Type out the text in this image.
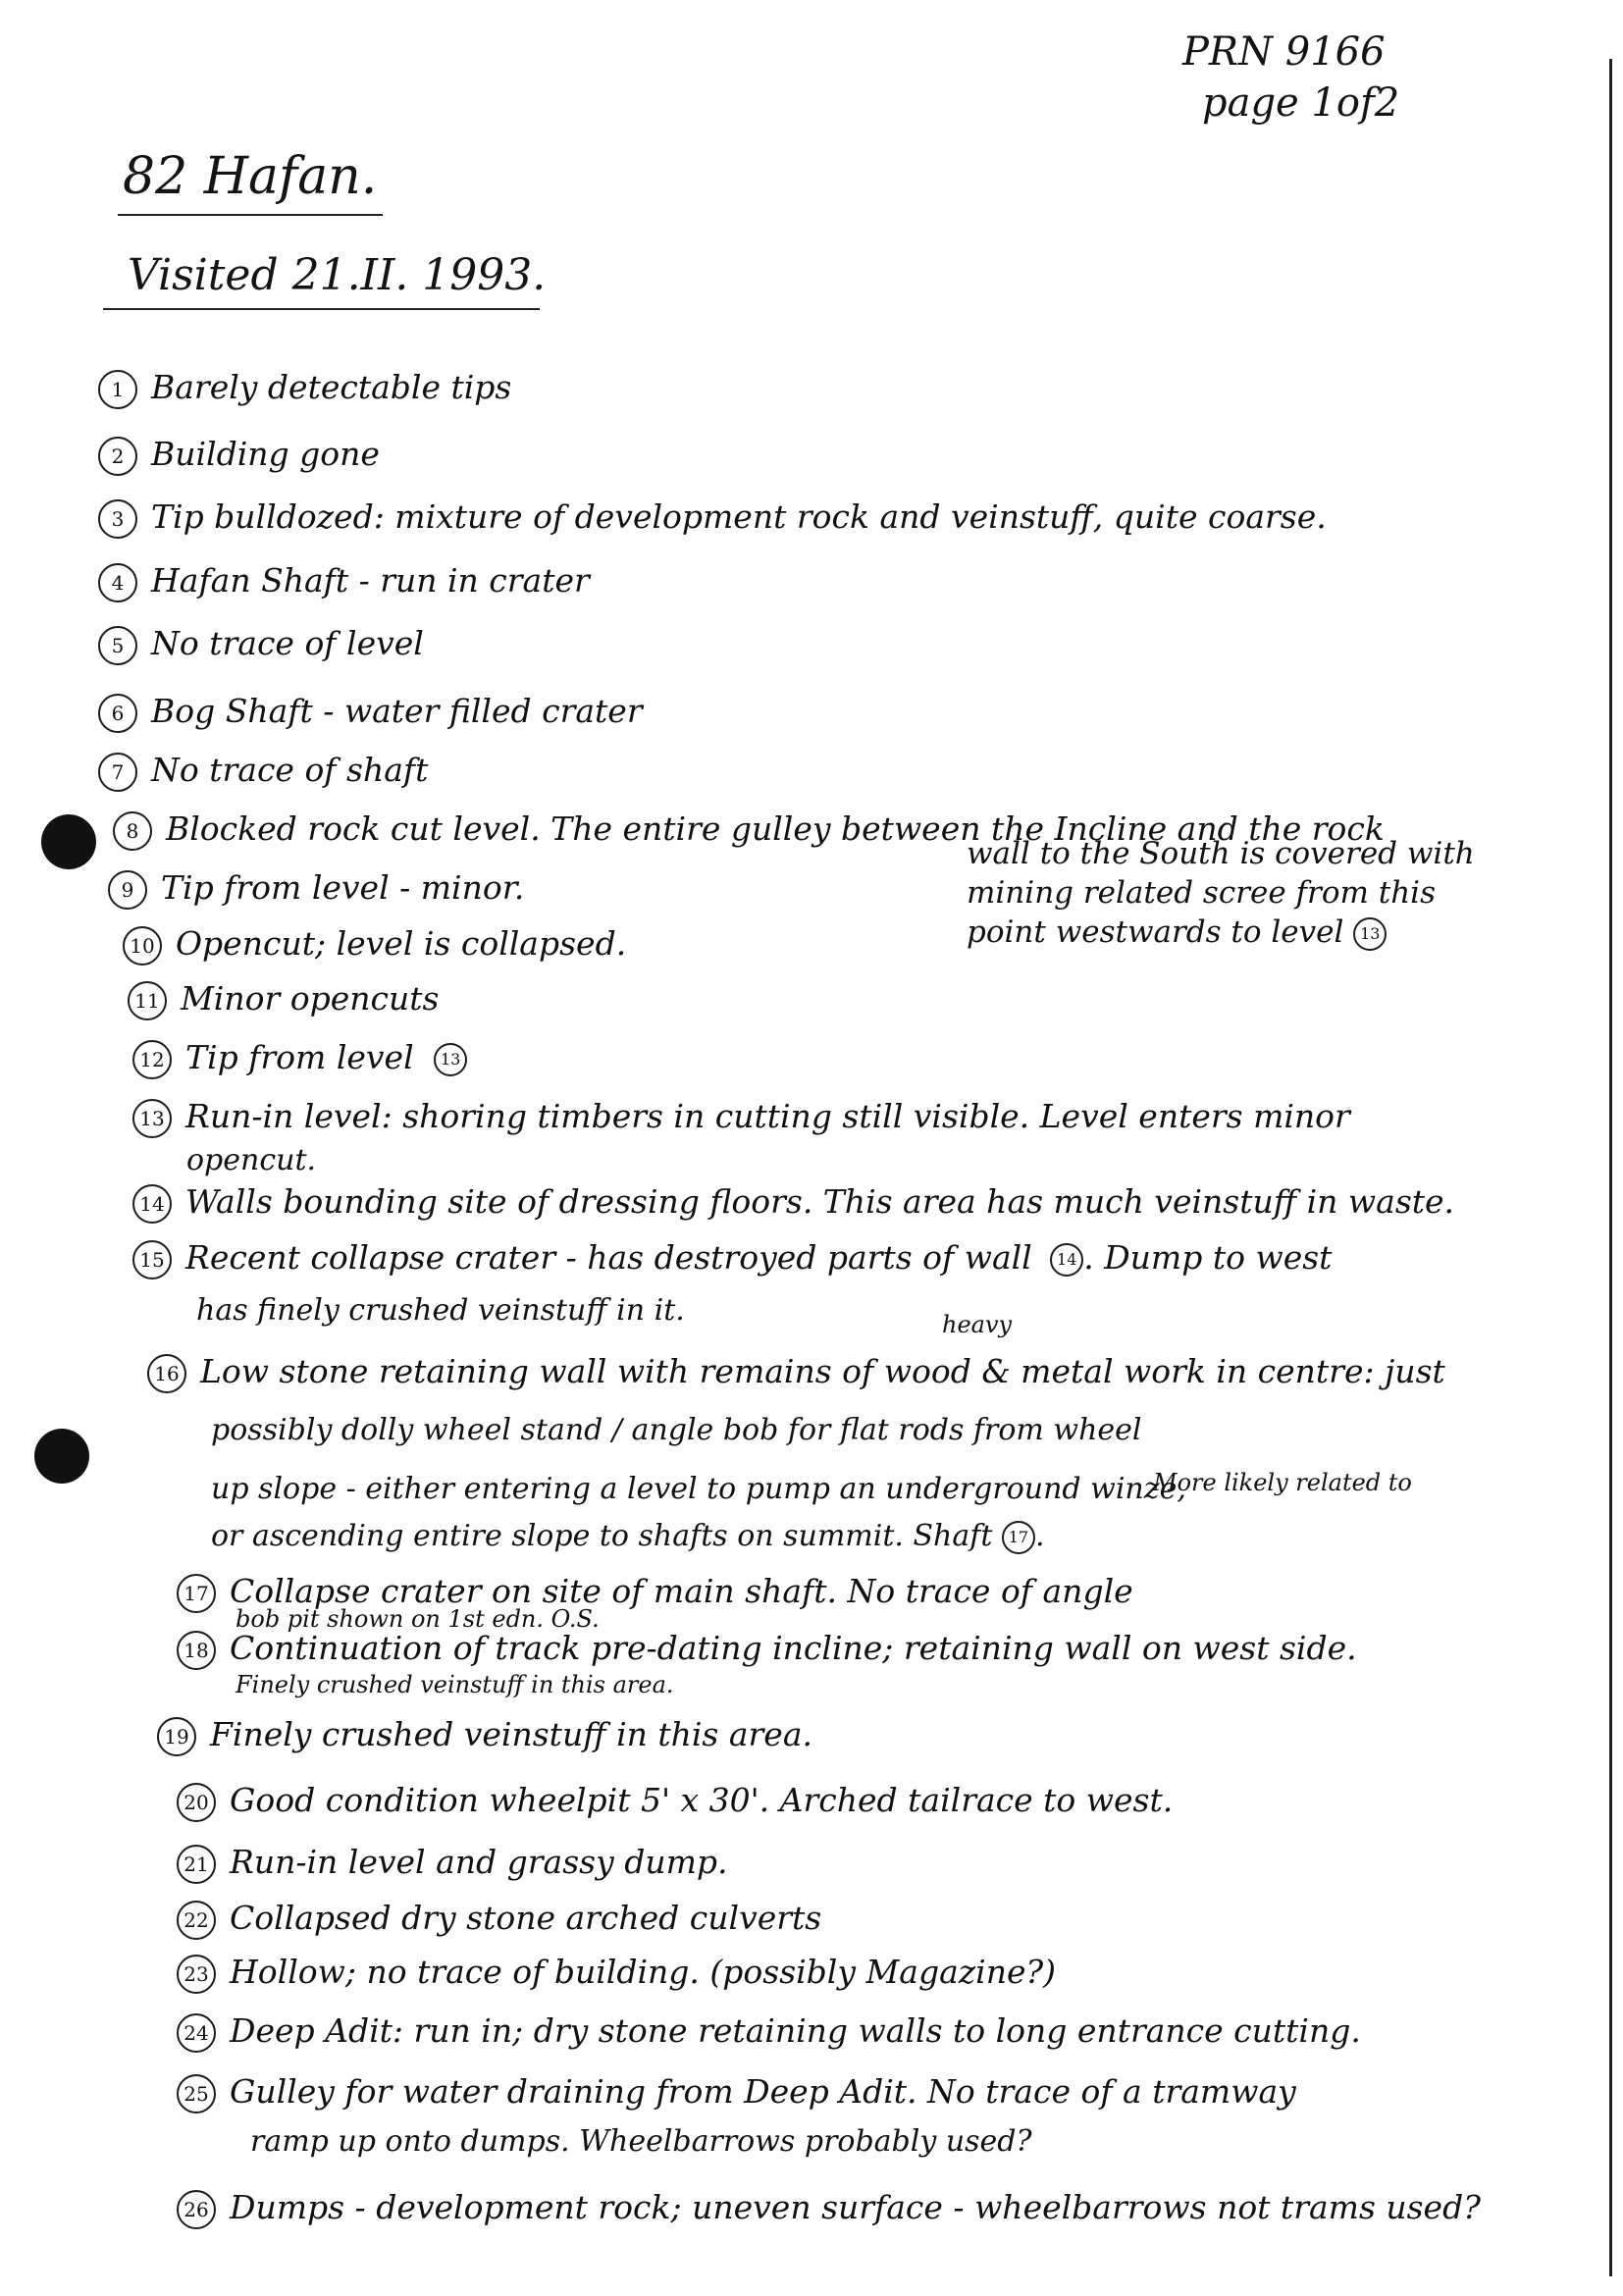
PRN 9166
page 1of2
82 Hafan.
Visited 21.II. 1993.
1 Barely detectable tips
2 Building gone
3 Tip bulldozed: mixture of development rock and veinstuff, quite coarse.
4 Hafan Shaft - run in crater
5 No trace of level
6 Bog Shaft - water filled crater
7 No trace of shaft
8 Blocked rock cut level. The entire gulley between the Incline and the rock
wall to the South is covered with mining related scree from this point westwards to level 13
9 Tip from level - minor.
10 Opencut; level is collapsed.
11 Minor opencuts
12 Tip from level 13
13 Run-in level: shoring timbers in cutting still visible. Level enters minor
opencut.
14 Walls bounding site of dressing floors. This area has much veinstuff in waste.
15 Recent collapse crater - has destroyed parts of wall 14 . Dump to west
has finely crushed veinstuff in it.	heavy
16 Low stone retaining wall with remains of wood & metal work in centre: just
possibly dolly wheel stand / angle bob for flat rods from wheel
up slope - either entering a level to pump an underground winze,
More likely related to
or ascending entire slope to shafts on summit. Shaft 17 .
17 Collapse crater on site of main shaft. No trace of angle
bob pit shown on 1st edn. O.S.
18 Continuation of track pre-dating incline; retaining wall on west side.
Finely crushed veinstuff in this area.
19 Finely crushed veinstuff in this area.
20 Good condition wheelpit 5' x 30'. Arched tailrace to west.
21 Run-in level and grassy dump.
22 Collapsed dry stone arched culverts
23 Hollow; no trace of building. (possibly Magazine?)
24 Deep Adit: run in; dry stone retaining walls to long entrance cutting.
25 Gulley for water draining from Deep Adit. No trace of a tramway
ramp up onto dumps. Wheelbarrows probably used?
26 Dumps - development rock; uneven surface - wheelbarrows not trams used?
